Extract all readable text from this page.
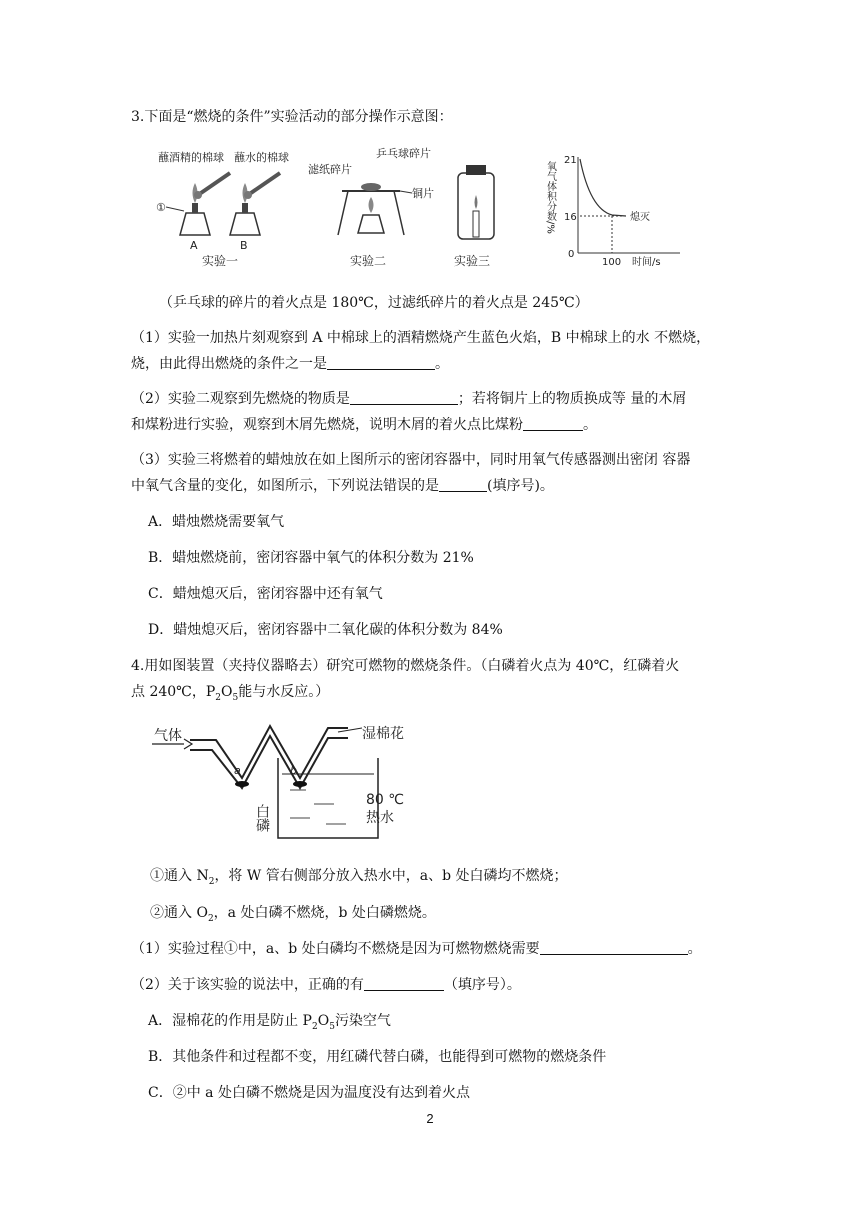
3.下面是“燃烧的条件”实验活动的部分操作示意图：
蘸酒精的棉球 蘸水的棉球
①
A	B
实验一
滤纸碎片
乒乓球碎片
铜片
实验二	实验三
氧气体积分数/%
21
16
0
熄灭
100 时间/s
（乒乓球的碎片的着火点是 180℃，过滤纸碎片的着火点是 245℃）
（1）实验一加热片刻观察到 A 中棉球上的酒精燃烧产生蓝色火焰，B 中棉球上的水 不燃烧，
烧，由此得出燃烧的条件之一是	。
（2）实验二观察到先燃烧的物质是	；若将铜片上的物质换成等 量的木屑
和煤粉进行实验，观察到木屑先燃烧，说明木屑的着火点比煤粉	。
（3）实验三将燃着的蜡烛放在如上图所示的密闭容器中，同时用氧气传感器测出密闭 容器
中氧气含量的变化，如图所示，下列说法错误的是	(填序号)。
A．蜡烛燃烧需要氧气
B．蜡烛燃烧前，密闭容器中氧气的体积分数为 21%
C．蜡烛熄灭后，密闭容器中还有氧气
D．蜡烛熄灭后，密闭容器中二氧化碳的体积分数为 84%
4.用如图装置（夹持仪器略去）研究可燃物的燃烧条件。（白磷着火点为 40℃，红磷着火
点 240℃，$P_2O_5$能与水反应。）
气体
a	b
湿棉花
80 ℃
热水
白磷
①通入 $N_2$，将 W 管右侧部分放入热水中，a、b 处白磷均不燃烧；
②通入 $O_2$，a 处白磷不燃烧，b 处白磷燃烧。
（1）实验过程①中，a、b 处白磷均不燃烧是因为可燃物燃烧需要	。
（2）关于该实验的说法中，正确的有	（填序号）。
A．湿棉花的作用是防止 $P_2O_5$污染空气
B．其他条件和过程都不变，用红磷代替白磷，也能得到可燃物的燃烧条件
C．②中 a 处白磷不燃烧是因为温度没有达到着火点
2
